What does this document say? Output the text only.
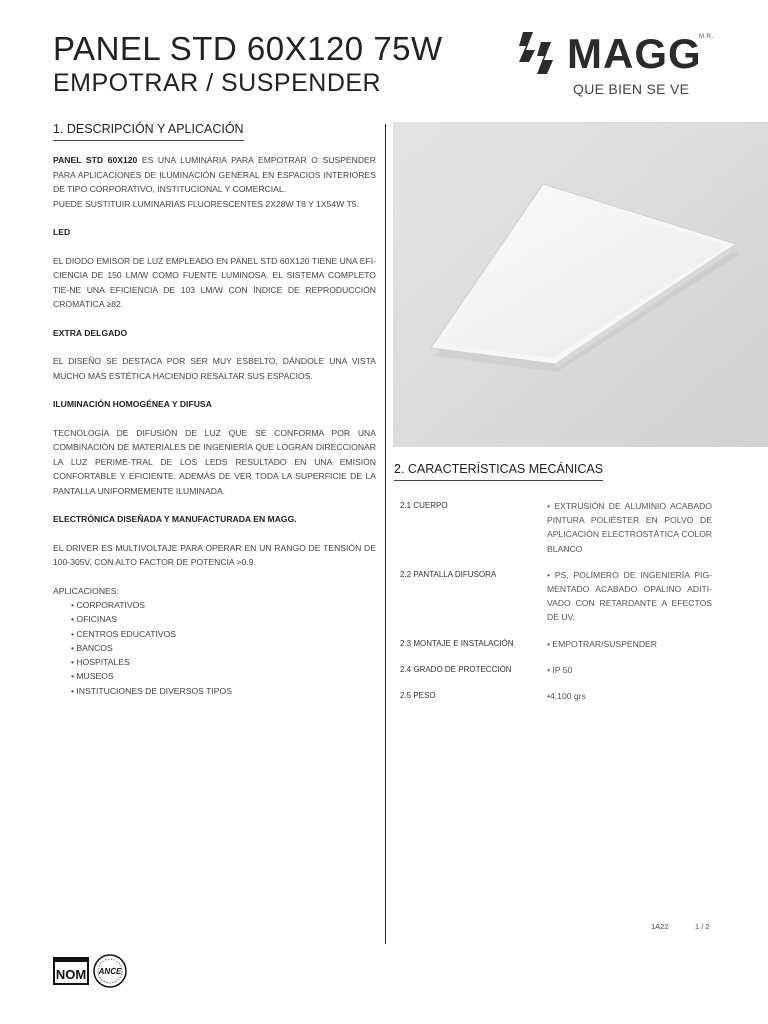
PANEL STD 60X120 75W
EMPOTRAR / SUSPENDER
MAGG
M.R.
QUE BIEN SE VE
1. DESCRIPCIÓN Y APLICACIÓN

PANEL STD 60X120 ES UNA LUMINARIA PARA EMPOTRAR O SUSPENDER PARA APLICACIONES DE ILUMINACIÓN GENERAL EN ESPACIOS INTERIORES DE TIPO CORPORATIVO, INSTITUCIONAL Y COMERCIAL.

PUEDE SUSTITUIR LUMINARIAS FLUORESCENTES 2X28W T8 Y 1X54W T5.

LED

EL DIODO EMISOR DE LUZ EMPLEADO EN PANEL STD 60X120 TIENE UNA EFI-CIENCIA DE 150 LM/W COMO FUENTE LUMINOSA. EL SISTEMA COMPLETO TIE-NE UNA EFICIENCIA DE 103 LM/W CON ÍNDICE DE REPRODUCCIÓN CROMÁTICA ≥82.

EXTRA DELGADO

EL DISEÑO SE DESTACA POR SER MUY ESBELTO, DÁNDOLE UNA VISTA MUCHO MÁS ESTÉTICA HACIENDO RESALTAR SUS ESPACIOS.

ILUMINACIÓN HOMOGÉNEA Y DIFUSA

TECNOLOGÍA DE DIFUSIÓN DE LUZ QUE SE CONFORMA POR UNA COMBINACIÓN DE MATERIALES DE INGENIERÍA QUE LOGRAN DIRECCIONAR LA LUZ PERIME-TRAL DE LOS LEDS RESULTADO EN UNA EMISIÓN CONFORTABLE Y EFICIENTE. ADEMÁS DE VER TODA LA SUPERFICIE DE LA PANTALLA UNIFORMEMENTE ILUMINADA.

ELECTRÓNICA DISEÑADA Y MANUFACTURADA EN MAGG.

EL DRIVER ES MULTIVOLTAJE PARA OPERAR EN UN RANGO DE TENSIÓN DE 100-305V, CON ALTO FACTOR DE POTENCIA >0.9.

APLICACIONES:

• CORPORATIVOS
• OFICINAS
• CENTROS EDUCATIVOS
• BANCOS
• HOSPITALES
• MUSEOS
• INSTITUCIONES DE DIVERSOS TIPOS
2. CARACTERÍSTICAS MECÁNICAS
2.1 CUERPO	• EXTRUSIÓN DE ALUMINIO ACABADO PINTURA POLIÉSTER EN POLVO DE APLICACIÓN ELECTROSTÁTICA COLOR BLANCO
2.2 PANTALLA DIFUSORA	• PS, POLÍMERO DE INGENIERÍA PIG-MENTADO ACABADO OPALINO ADITI-VADO CON RETARDANTE A EFECTOS DE UV.
2.3 MONTAJE E INSTALACIÓN	• EMPOTRAR/SUSPENDER
2.4 GRADO DE PROTECCIÓN	• IP 50
2.5 PESO	•4,100 grs
1A22	1 / 2
NOM ANCE
